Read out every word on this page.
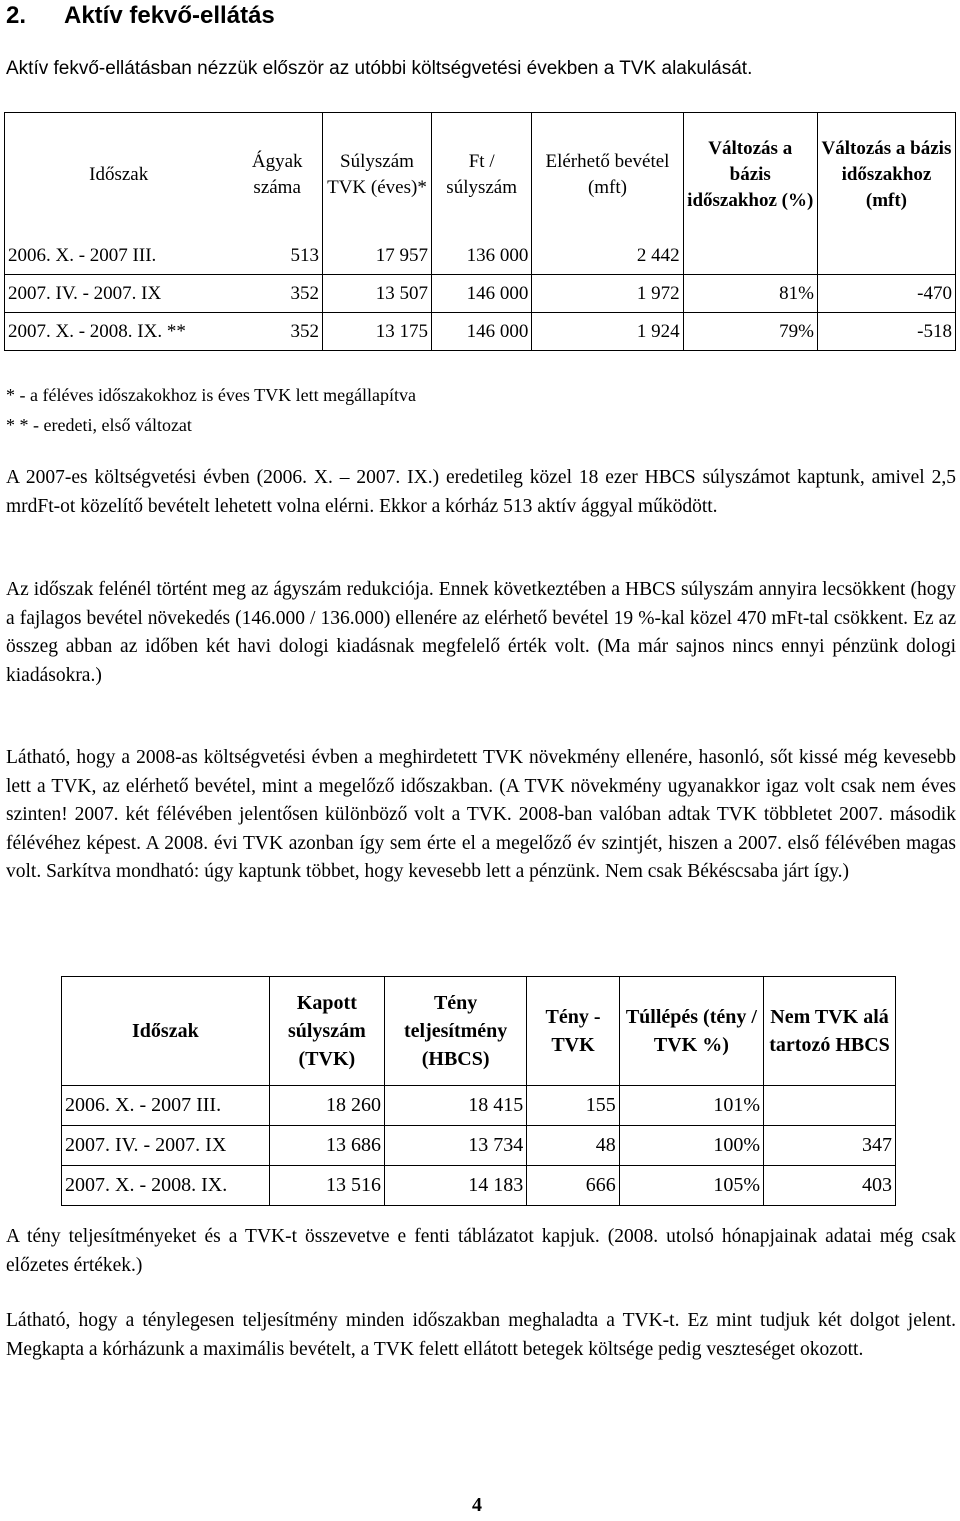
2. Aktív fekvő-ellátás
Aktív fekvő-ellátásban nézzük először az utóbbi költségvetési években a TVK alakulását.
Időszak	Ágyak száma	Súlyszám TVK (éves)*	Ft / súlyszám	Elérhető bevétel (mft)	Változás a bázis időszakhoz (%)	Változás a bázis időszakhoz (mft)
2006. X. - 2007 III.	513	17 957	136 000	2 442		
2007. IV. - 2007. IX	352	13 507	146 000	1 972	81%	-470
2007. X. - 2008. IX. **	352	13 175	146 000	1 924	79%	-518
* - a féléves időszakokhoz is éves TVK lett megállapítva
* * - eredeti, első változat

A 2007-es költségvetési évben (2006. X. – 2007. IX.) eredetileg közel 18 ezer HBCS súlyszámot kaptunk, amivel 2,5 mrdFt-ot közelítő bevételt lehetett volna elérni. Ekkor a kórház 513 aktív ággyal működött.

Az időszak felénél történt meg az ágyszám redukciója. Ennek következtében a HBCS súlyszám annyira lecsökkent (hogy a fajlagos bevétel növekedés (146.000 / 136.000) ellenére az elérhető bevétel 19 %-kal közel 470 mFt-tal csökkent. Ez az összeg abban az időben két havi dologi kiadásnak megfelelő érték volt. (Ma már sajnos nincs ennyi pénzünk dologi kiadásokra.)

Látható, hogy a 2008-as költségvetési évben a meghirdetett TVK növekmény ellenére, hasonló, sőt kissé még kevesebb lett a TVK, az elérhető bevétel, mint a megelőző időszakban. (A TVK növekmény ugyanakkor igaz volt csak nem éves szinten! 2007. két félévében jelentősen különböző volt a TVK. 2008-ban valóban adtak TVK többletet 2007. második félévéhez képest. A 2008. évi TVK azonban így sem érte el a megelőző év szintjét, hiszen a 2007. első félévében magas volt. Sarkítva mondható: úgy kaptunk többet, hogy kevesebb lett a pénzünk. Nem csak Békéscsaba járt így.)

Időszak	Kapott súlyszám (TVK)	Tény teljesítmény (HBCS)	Tény - TVK	Túllépés (tény / TVK %)	Nem TVK alá tartozó HBCS
2006. X. - 2007 III.	18 260	18 415	155	101%	
2007. IV. - 2007. IX	13 686	13 734	48	100%	347
2007. X. - 2008. IX.	13 516	14 183	666	105%	403

A tény teljesítményeket és a TVK-t összevetve e fenti táblázatot kapjuk. (2008. utolsó hónapjainak adatai még csak előzetes értékek.)

Látható, hogy a ténylegesen teljesítmény minden időszakban meghaladta a TVK-t. Ez mint tudjuk két dolgot jelent. Megkapta a kórházunk a maximális bevételt, a TVK felett ellátott betegek költsége pedig veszteséget okozott.

4
